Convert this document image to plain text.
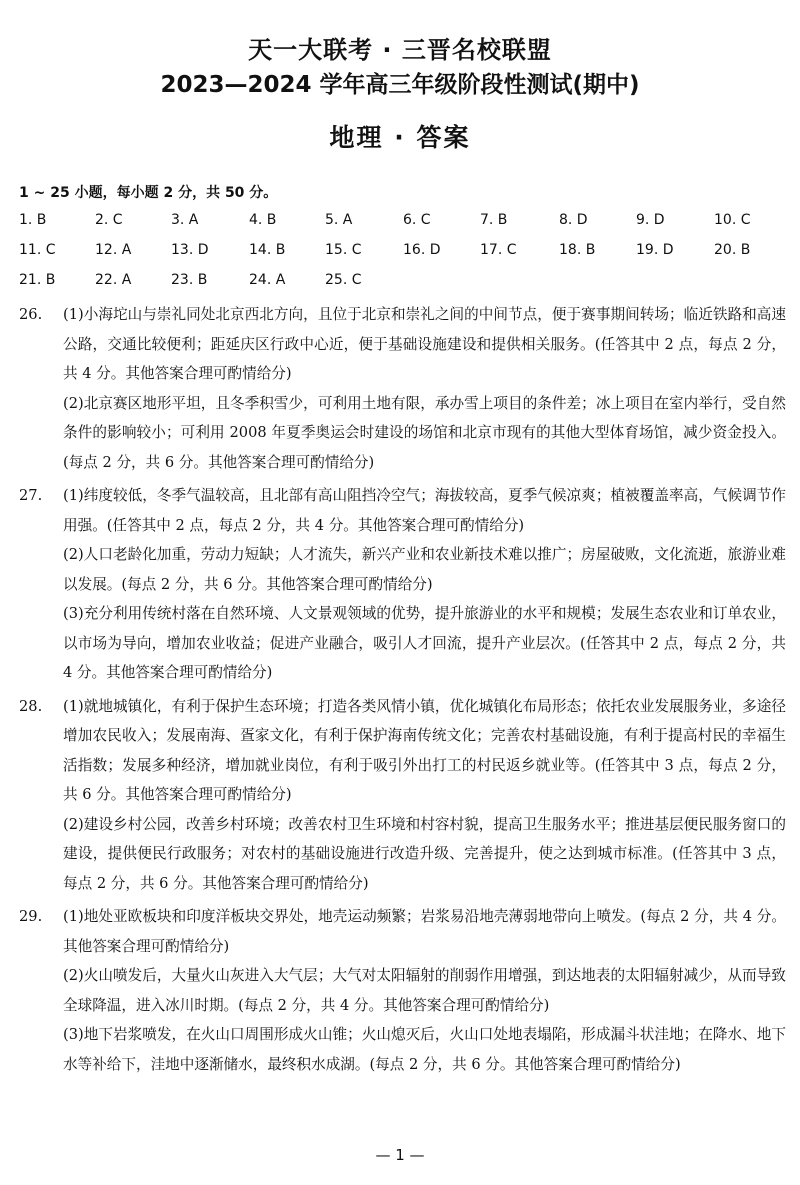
天一大联考 · 三晋名校联盟
2023—2024 学年高三年级阶段性测试(期中)
地理 · 答案
1 ~ 25 小题，每小题 2 分，共 50 分。
1. B	2. C	3. A	4. B	5. A	6. C	7. B	8. D	9. D	10. C
11. C	12. A	13. D	14. B	15. C	16. D	17. C	18. B	19. D	20. B
21. B	22. A	23. B	24. A	25. C
26. (1)小海坨山与崇礼同处北京西北方向，且位于北京和崇礼之间的中间节点，便于赛事期间转场；临近铁路和高速公路，交通比较便利；距延庆区行政中心近，便于基础设施建设和提供相关服务。(任答其中 2 点，每点 2 分，共 4 分。其他答案合理可酌情给分)
(2)北京赛区地形平坦，且冬季积雪少，可利用土地有限，承办雪上项目的条件差；冰上项目在室内举行，受自然条件的影响较小；可利用 2008 年夏季奥运会时建设的场馆和北京市现有的其他大型体育场馆，减少资金投入。(每点 2 分，共 6 分。其他答案合理可酌情给分)
27. (1)纬度较低，冬季气温较高，且北部有高山阻挡冷空气；海拔较高，夏季气候凉爽；植被覆盖率高，气候调节作用强。(任答其中 2 点，每点 2 分，共 4 分。其他答案合理可酌情给分)
(2)人口老龄化加重，劳动力短缺；人才流失，新兴产业和农业新技术难以推广；房屋破败，文化流逝，旅游业难以发展。(每点 2 分，共 6 分。其他答案合理可酌情给分)
(3)充分利用传统村落在自然环境、人文景观领域的优势，提升旅游业的水平和规模；发展生态农业和订单农业，以市场为导向，增加农业收益；促进产业融合，吸引人才回流，提升产业层次。(任答其中 2 点，每点 2 分，共 4 分。其他答案合理可酌情给分)
28. (1)就地城镇化，有利于保护生态环境；打造各类风情小镇，优化城镇化布局形态；依托农业发展服务业，多途径增加农民收入；发展南海、疍家文化，有利于保护海南传统文化；完善农村基础设施，有利于提高村民的幸福生活指数；发展多种经济，增加就业岗位，有利于吸引外出打工的村民返乡就业等。(任答其中 3 点，每点 2 分，共 6 分。其他答案合理可酌情给分)
(2)建设乡村公园，改善乡村环境；改善农村卫生环境和村容村貌，提高卫生服务水平；推进基层便民服务窗口的建设，提供便民行政服务；对农村的基础设施进行改造升级、完善提升，使之达到城市标准。(任答其中 3 点，每点 2 分，共 6 分。其他答案合理可酌情给分)
29. (1)地处亚欧板块和印度洋板块交界处，地壳运动频繁；岩浆易沿地壳薄弱地带向上喷发。(每点 2 分，共 4 分。其他答案合理可酌情给分)
(2)火山喷发后，大量火山灰进入大气层；大气对太阳辐射的削弱作用增强，到达地表的太阳辐射减少，从而导致全球降温，进入冰川时期。(每点 2 分，共 4 分。其他答案合理可酌情给分)
(3)地下岩浆喷发，在火山口周围形成火山锥；火山熄灭后，火山口处地表塌陷，形成漏斗状洼地；在降水、地下水等补给下，洼地中逐渐储水，最终积水成湖。(每点 2 分，共 6 分。其他答案合理可酌情给分)
— 1 —
